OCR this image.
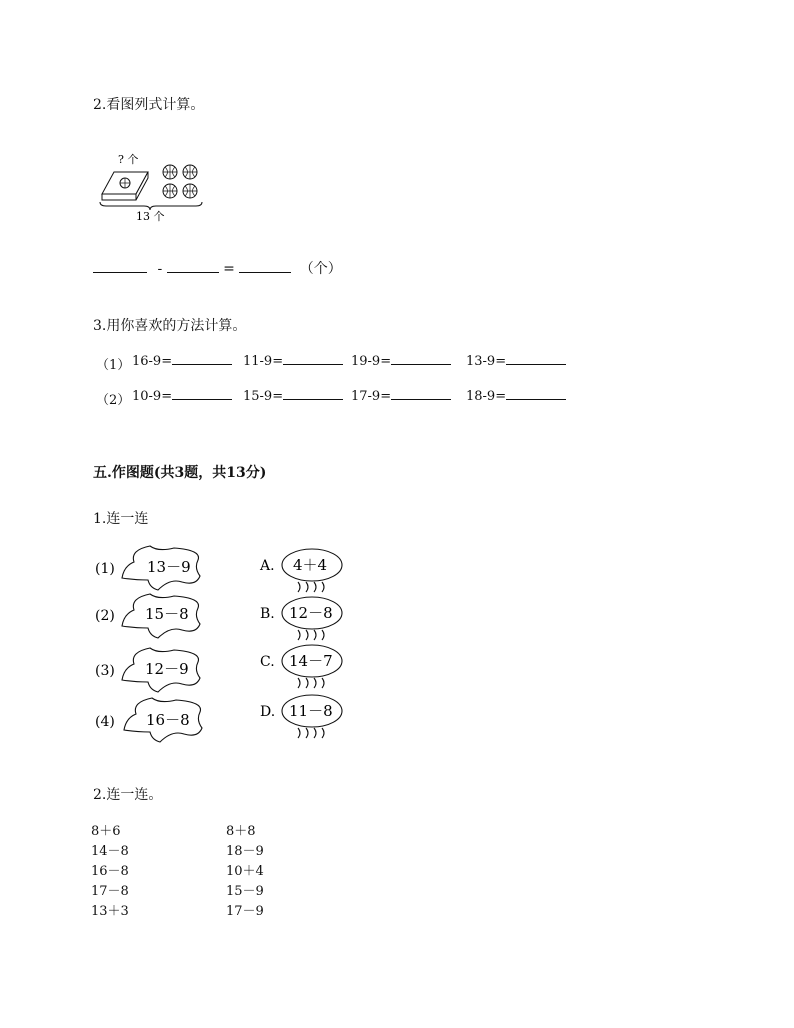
2.看图列式计算。
? 个
13 个
-	=	（个）
3.用你喜欢的方法计算。
（1） 16-9=	11-9=	19-9=	13-9=
（2） 10-9=	15-9=	17-9=	18-9=
五.作图题(共3题，共13分)
1.连一连
(1) 13－9
(2) 15－8
(3) 12－9
(4) 16－8
A. 4＋4
B. 12－8
C. 14－7
D. 11－8
2.连一连。
8＋6
14－8
16－8
17－8
13＋3
8＋8
18－9
10＋4
15－9
17－9
